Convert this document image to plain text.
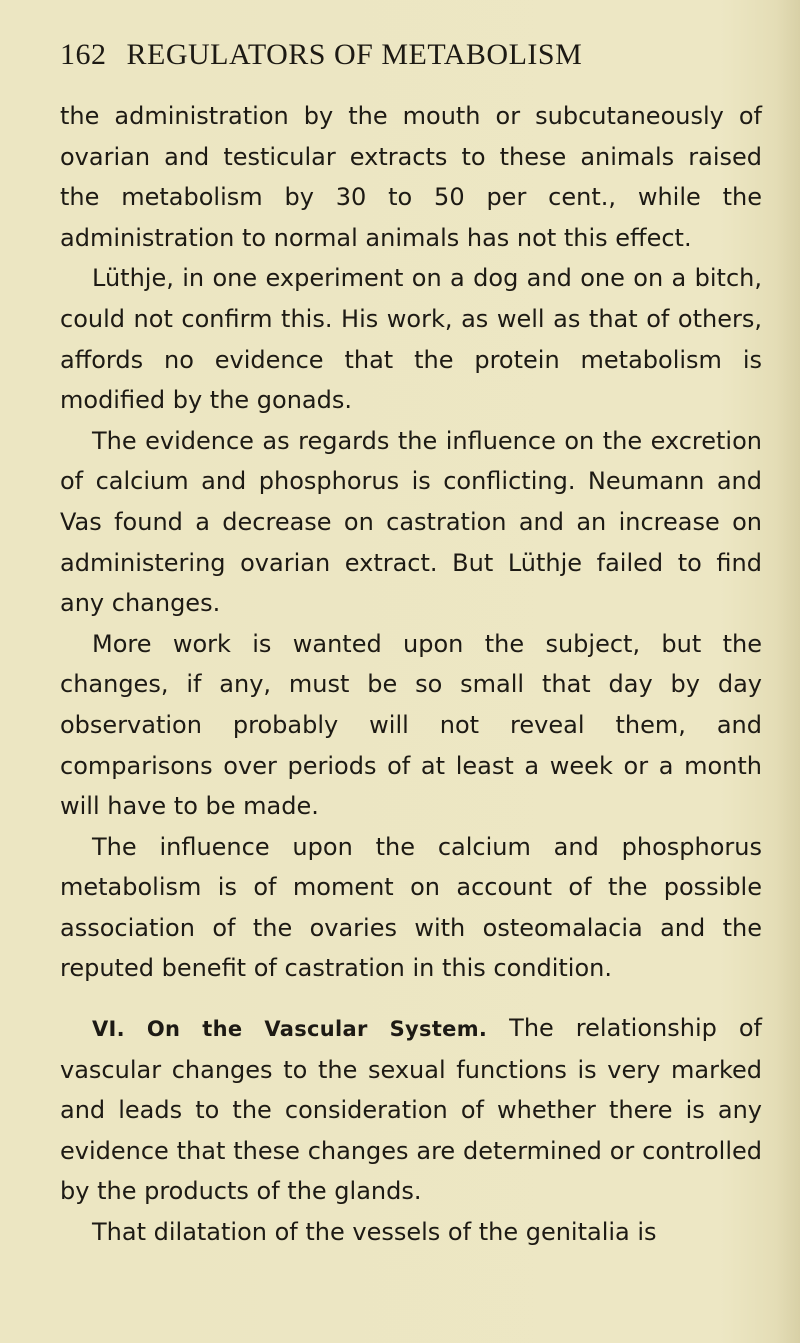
162 REGULATORS OF METABOLISM

the administration by the mouth or subcutaneously of ovarian and testicular extracts to these animals raised the metabolism by 30 to 50 per cent., while the administration to normal animals has not this effect.

Lüthje, in one experiment on a dog and one on a bitch, could not confirm this. His work, as well as that of others, affords no evidence that the protein metabolism is modified by the gonads.

The evidence as regards the influence on the excretion of calcium and phosphorus is conflicting. Neumann and Vas found a decrease on castration and an increase on administering ovarian extract. But Lüthje failed to find any changes.

More work is wanted upon the subject, but the changes, if any, must be so small that day by day observation probably will not reveal them, and comparisons over periods of at least a week or a month will have to be made.

The influence upon the calcium and phosphorus metabolism is of moment on account of the possible association of the ovaries with osteomalacia and the reputed benefit of castration in this condition.

VI. On the Vascular System. The relationship of vascular changes to the sexual functions is very marked and leads to the consideration of whether there is any evidence that these changes are determined or controlled by the products of the glands.

That dilatation of the vessels of the genitalia is
